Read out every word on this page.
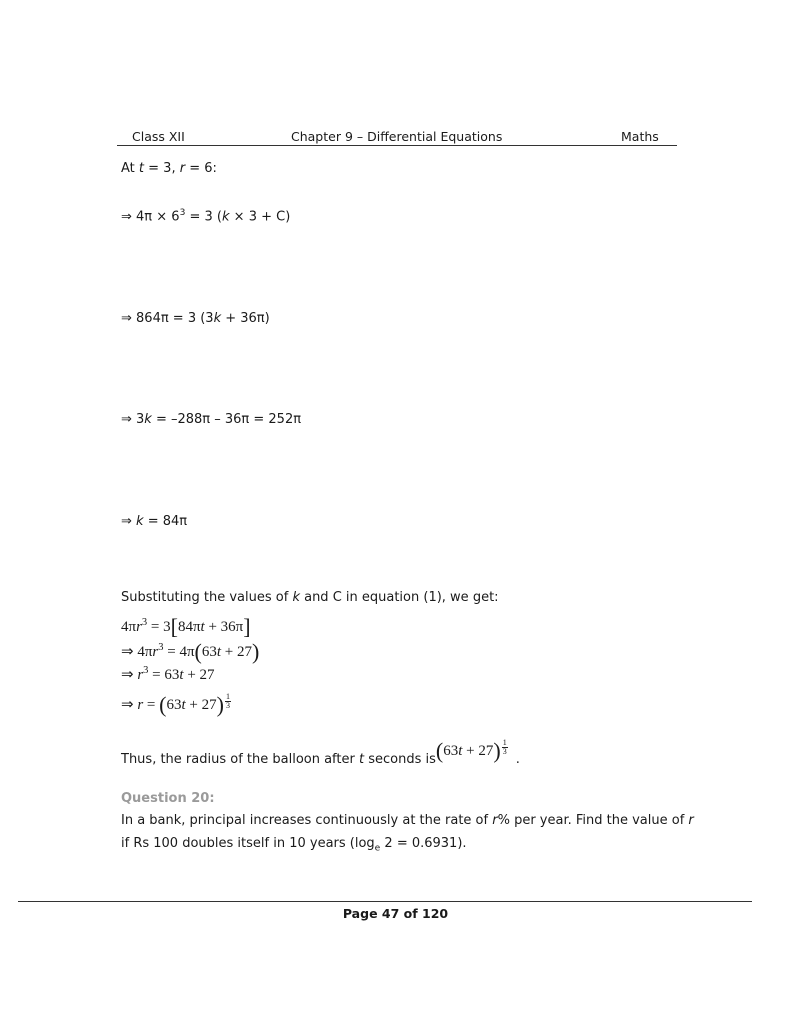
Class XII	Chapter 9 – Differential Equations	Maths
At t = 3, r = 6:
⇒ $4\pi \times 6^3 = 3$ (k × 3 + C)
⇒ 864π = 3 (3k + 36π)
⇒ 3k = –288π – 36π = 252π
⇒ k = 84π
Substituting the values of k and C in equation (1), we get:
$4\pi r^3 = 3[84\pi t + 36\pi]$
⇒ $4\pi r^3 = 4\pi(63t + 27)$
⇒ $r^3 = 63t + 27$
⇒ $r = (63t + 27) \frac{1}{3}$
Thus, the radius of the balloon after t seconds $is(63t + 27) \frac{1}{3}$
.
Question 20:
In a bank, principal increases continuously at the rate of r% per year. Find the value of r
if Rs 100 doubles itself in 10 years ($\log_e$ 2 = 0.6931).
Page 47 of 120
